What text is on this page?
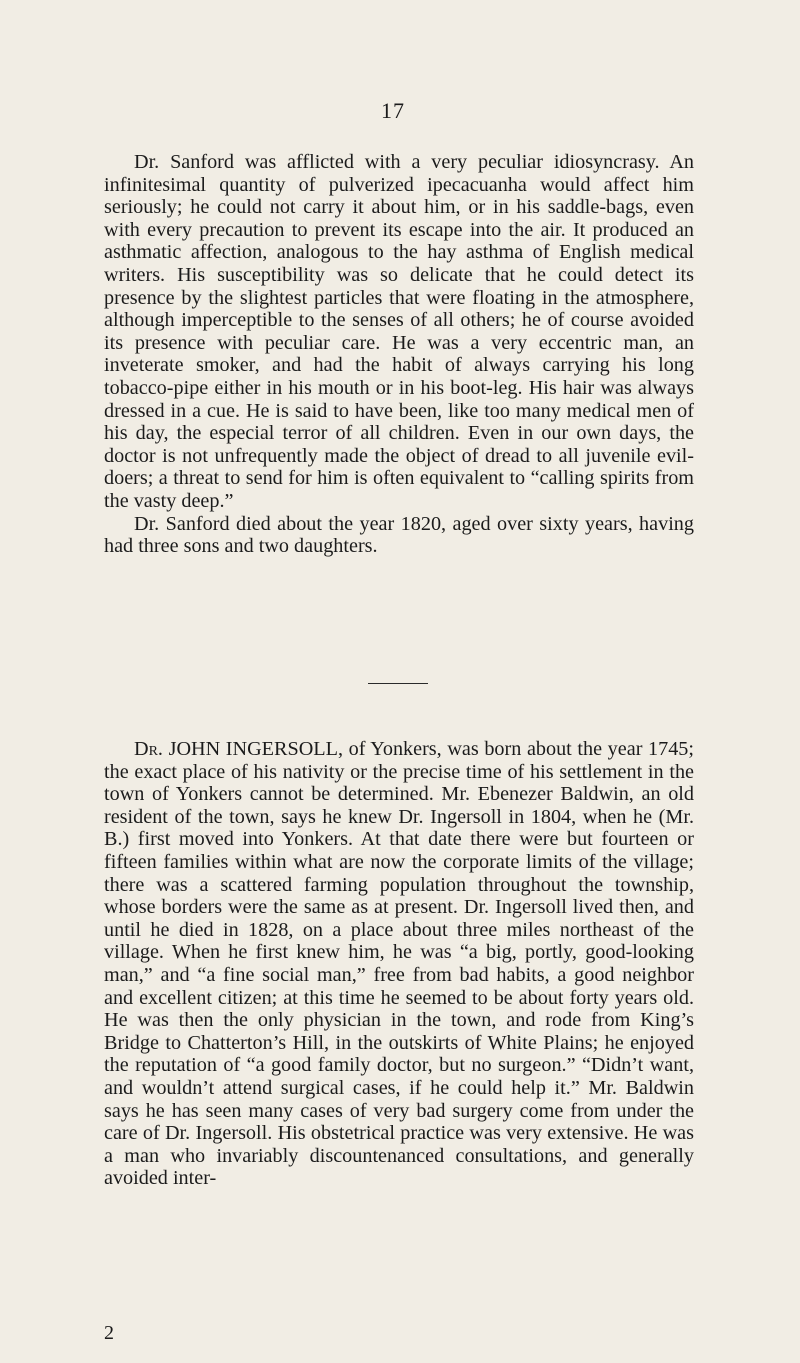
17

Dr. Sanford was afflicted with a very peculiar idiosyncrasy. An infinitesimal quantity of pulverized ipecacuanha would affect him seriously; he could not carry it about him, or in his saddle-bags, even with every precaution to prevent its escape into the air. It produced an asthmatic affection, analogous to the hay asthma of English medical writers. His susceptibility was so delicate that he could detect its presence by the slightest particles that were floating in the atmosphere, although imperceptible to the senses of all others; he of course avoided its presence with peculiar care. He was a very eccentric man, an inveterate smoker, and had the habit of always carrying his long tobacco-pipe either in his mouth or in his boot-leg. His hair was always dressed in a cue. He is said to have been, like too many medical men of his day, the especial terror of all children. Even in our own days, the doctor is not unfrequently made the object of dread to all juvenile evil-doers; a threat to send for him is often equivalent to “calling spirits from the vasty deep.”

Dr. Sanford died about the year 1820, aged over sixty years, having had three sons and two daughters.

Dr. JOHN INGERSOLL, of Yonkers, was born about the year 1745; the exact place of his nativity or the precise time of his settlement in the town of Yonkers cannot be determined. Mr. Ebenezer Baldwin, an old resident of the town, says he knew Dr. Ingersoll in 1804, when he (Mr. B.) first moved into Yonkers. At that date there were but fourteen or fifteen families within what are now the corporate limits of the village; there was a scattered farming population throughout the township, whose borders were the same as at present. Dr. Ingersoll lived then, and until he died in 1828, on a place about three miles northeast of the village. When he first knew him, he was “a big, portly, good-looking man,” and “a fine social man,” free from bad habits, a good neighbor and excellent citizen; at this time he seemed to be about forty years old. He was then the only physician in the town, and rode from King’s Bridge to Chatterton’s Hill, in the outskirts of White Plains; he enjoyed the reputation of “a good family doctor, but no surgeon.” “Didn’t want, and wouldn’t attend surgical cases, if he could help it.” Mr. Baldwin says he has seen many cases of very bad surgery come from under the care of Dr. Ingersoll. His obstetrical practice was very extensive. He was a man who invariably discountenanced consultations, and generally avoided inter-

2
